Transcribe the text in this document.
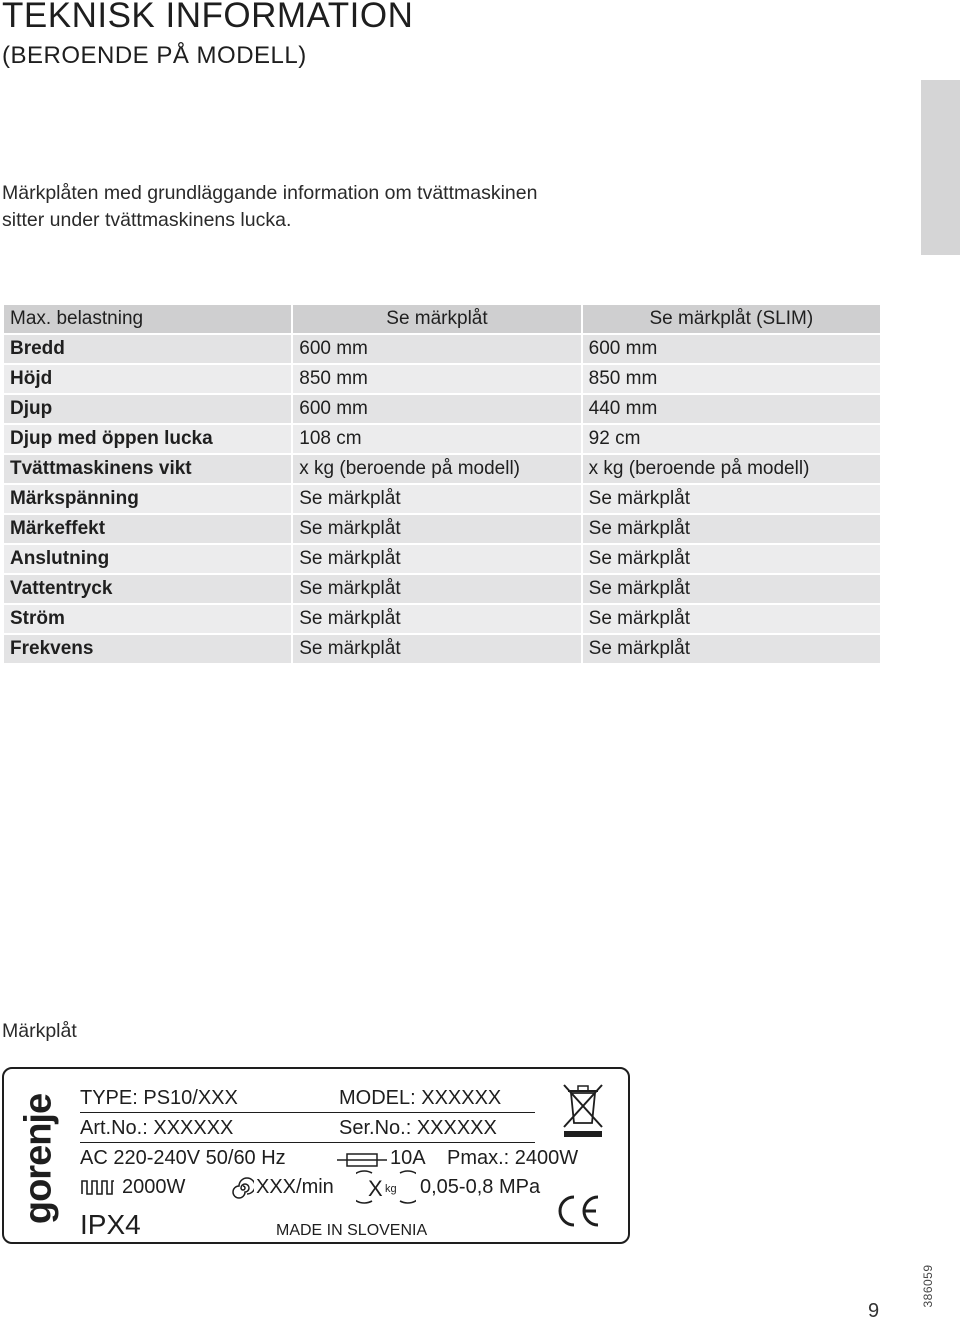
TEKNISK INFORMATION
(BEROENDE PÅ MODELL)

Märkplåten med grundläggande information om tvättmaskinen
sitter under tvättmaskinens lucka.

Max. belastning	Se märkplåt	Se märkplåt (SLIM)
Bredd	600 mm	600 mm
Höjd	850 mm	850 mm
Djup	600 mm	440 mm
Djup med öppen lucka	108 cm	92 cm
Tvättmaskinens vikt	x kg (beroende på modell)	x kg (beroende på modell)
Märkspänning	Se märkplåt	Se märkplåt
Märkeffekt	Se märkplåt	Se märkplåt
Anslutning	Se märkplåt	Se märkplåt
Vattentryck	Se märkplåt	Se märkplåt
Ström	Se märkplåt	Se märkplåt
Frekvens	Se märkplåt	Se märkplåt

Märkplåt

gorenje TYPE: PS10/XXX	MODEL: XXXXXX
Art.No.: XXXXXX	Ser.No.: XXXXXX
AC 220-240V 50/60 Hz	10A Pmax.: 2400W
2000W	XXX/min X kg 0,05-0,8 MPa
IPX4	MADE IN SLOVENIA
9
386059
